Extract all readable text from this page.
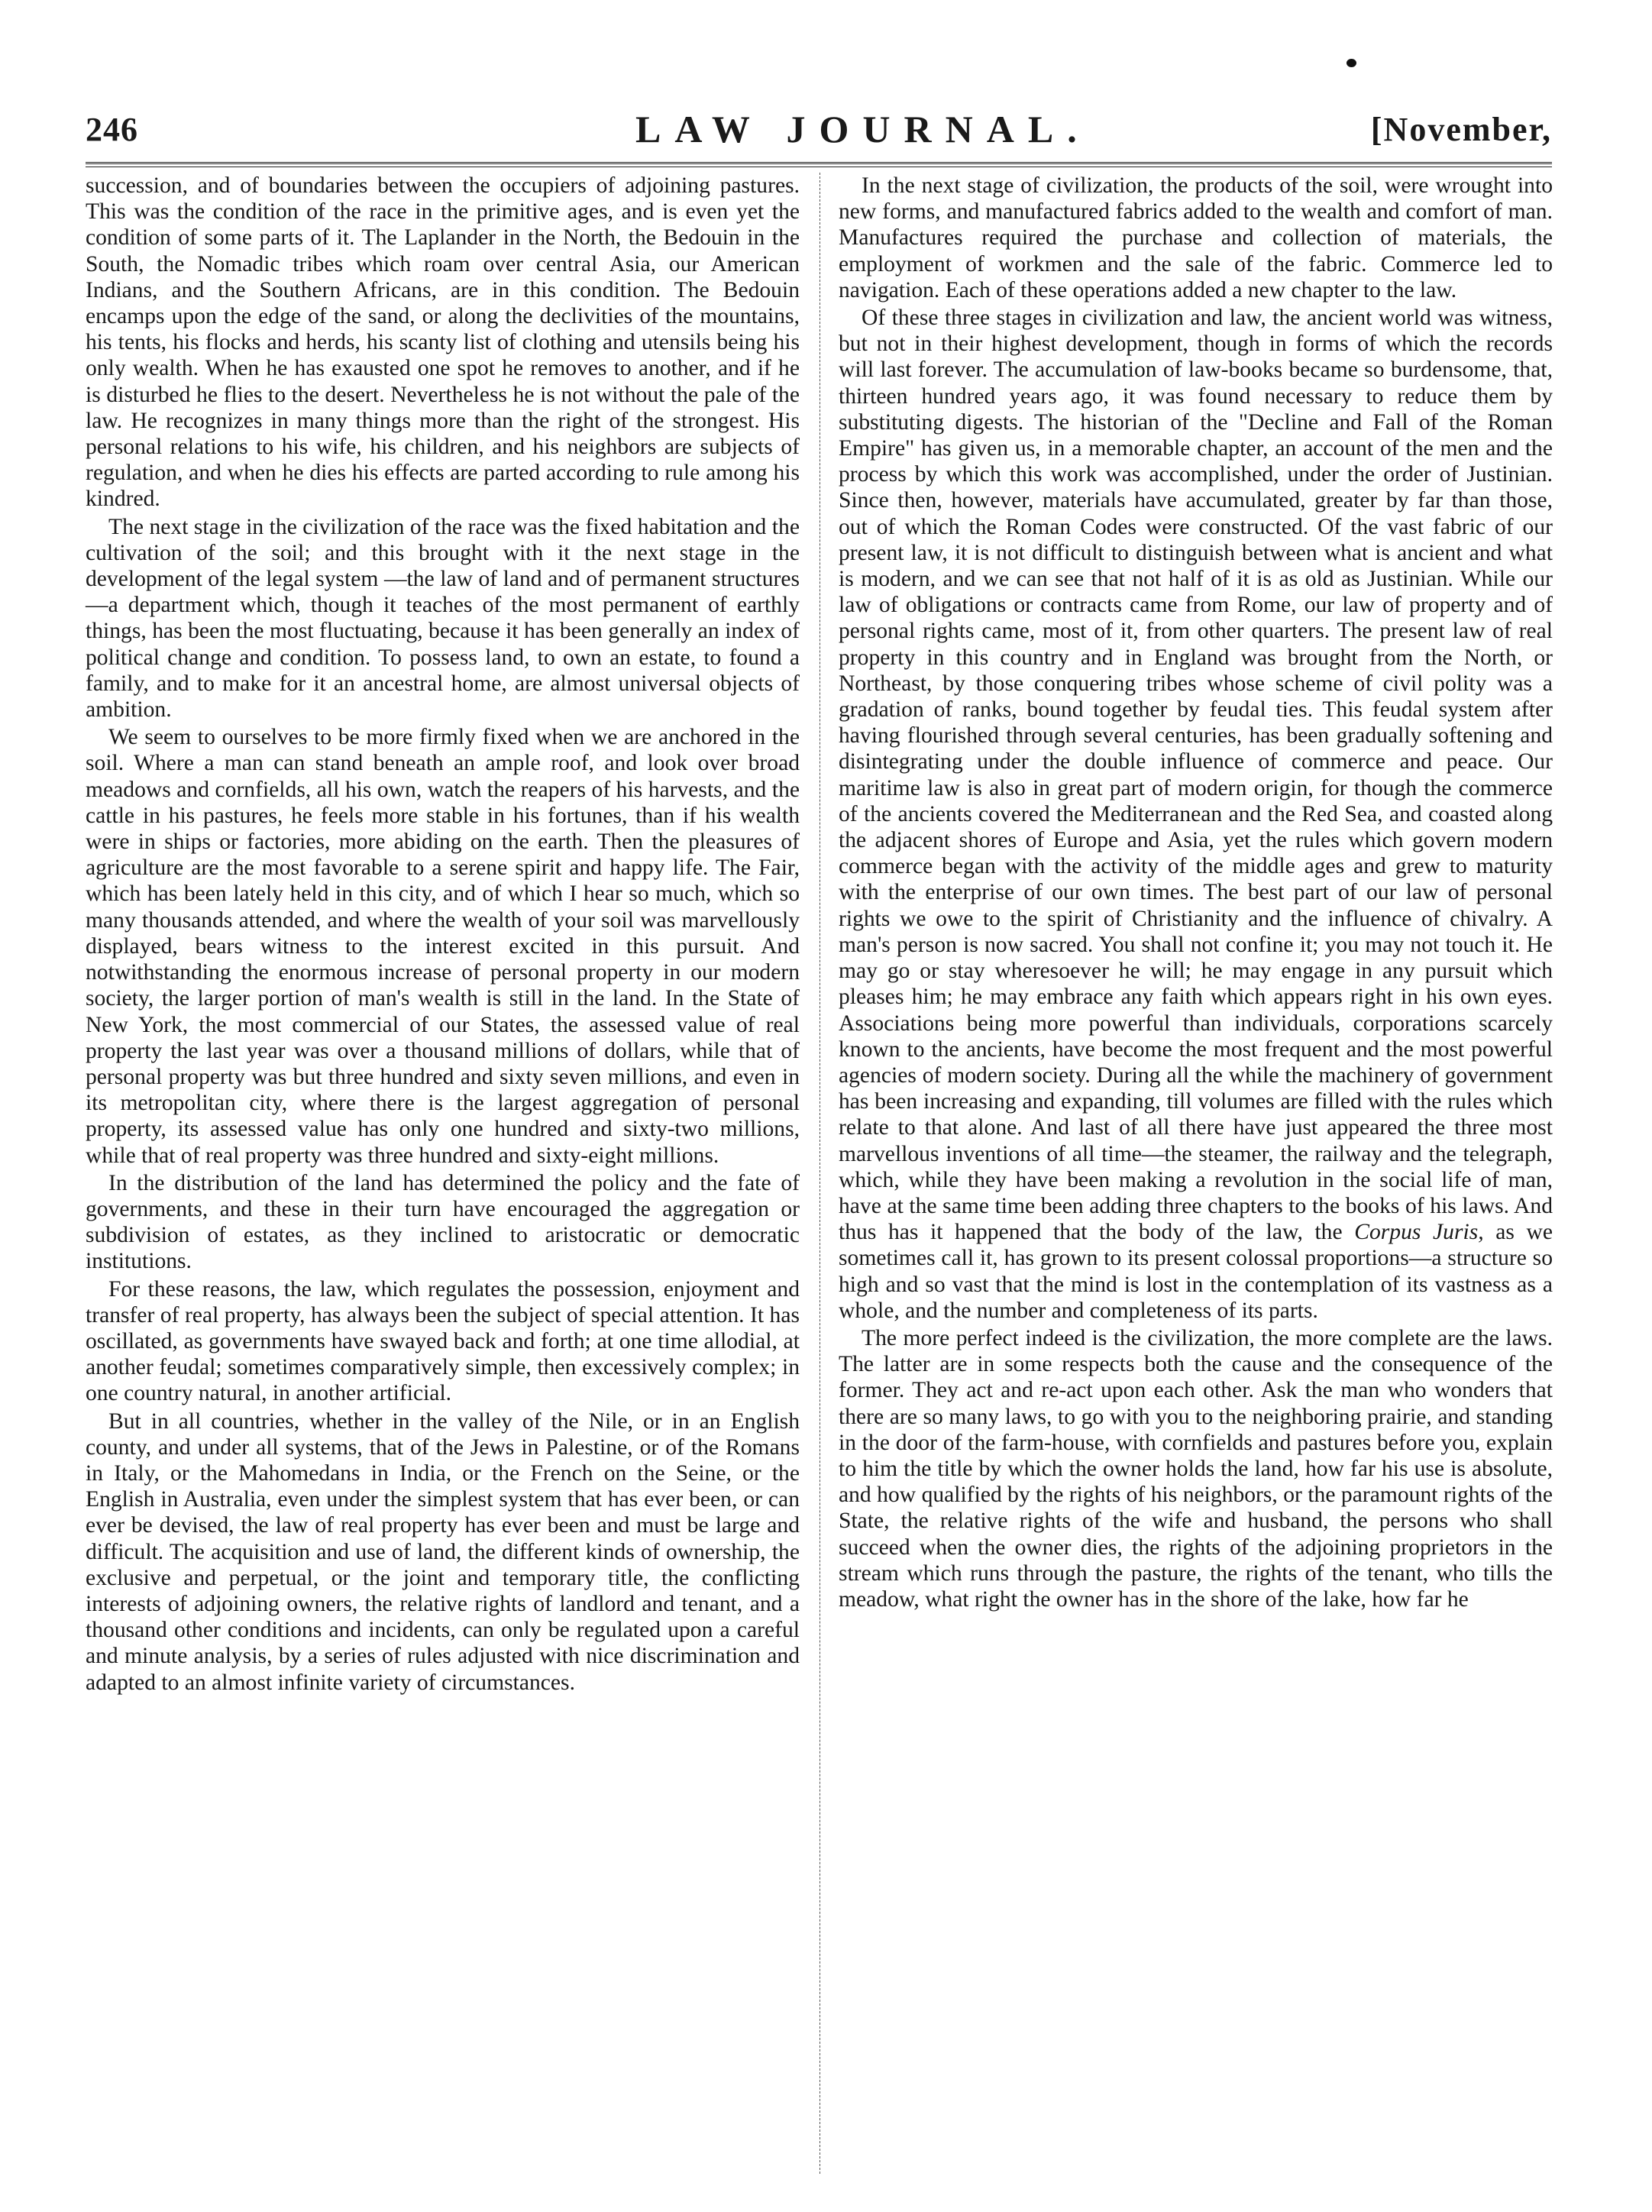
246	LAW JOURNAL.	[November,

succession, and of boundaries between the occupiers of adjoining pastures. This was the condition of the race in the primitive ages, and is even yet the condition of some parts of it. The Laplander in the North, the Bedouin in the South, the Nomadic tribes which roam over central Asia, our American Indians, and the Southern Africans, are in this condition. The Bedouin encamps upon the edge of the sand, or along the declivities of the mountains, his tents, his flocks and herds, his scanty list of clothing and utensils being his only wealth. When he has exausted one spot he removes to another, and if he is disturbed he flies to the desert. Nevertheless he is not without the pale of the law. He recognizes in many things more than the right of the strongest. His personal relations to his wife, his children, and his neighbors are subjects of regulation, and when he dies his effects are parted according to rule among his kindred.

The next stage in the civilization of the race was the fixed habitation and the cultivation of the soil; and this brought with it the next stage in the development of the legal system —the law of land and of permanent structures—a department which, though it teaches of the most permanent of earthly things, has been the most fluctuating, because it has been generally an index of political change and condition. To possess land, to own an estate, to found a family, and to make for it an ancestral home, are almost universal objects of ambition.

We seem to ourselves to be more firmly fixed when we are anchored in the soil. Where a man can stand beneath an ample roof, and look over broad meadows and cornfields, all his own, watch the reapers of his harvests, and the cattle in his pastures, he feels more stable in his fortunes, than if his wealth were in ships or factories, more abiding on the earth. Then the pleasures of agriculture are the most favorable to a serene spirit and happy life. The Fair, which has been lately held in this city, and of which I hear so much, which so many thousands attended, and where the wealth of your soil was marvellously displayed, bears witness to the interest excited in this pursuit. And notwithstanding the enormous increase of personal property in our modern society, the larger portion of man's wealth is still in the land. In the State of New York, the most commercial of our States, the assessed value of real property the last year was over a thousand millions of dollars, while that of personal property was but three hundred and sixty seven millions, and even in its metropolitan city, where there is the largest aggregation of personal property, its assessed value has only one hundred and sixty-two millions, while that of real property was three hundred and sixty-eight millions.

In the distribution of the land has determined the policy and the fate of governments, and these in their turn have encouraged the aggregation or subdivision of estates, as they inclined to aristocratic or democratic institutions.

For these reasons, the law, which regulates the possession, enjoyment and transfer of real property, has always been the subject of special attention. It has oscillated, as governments have swayed back and forth; at one time allodial, at another feudal; sometimes comparatively simple, then excessively complex; in one country natural, in another artificial.

But in all countries, whether in the valley of the Nile, or in an English county, and under all systems, that of the Jews in Palestine, or of the Romans in Italy, or the Mahomedans in India, or the French on the Seine, or the English in Australia, even under the simplest system that has ever been, or can ever be devised, the law of real property has ever been and must be large and difficult. The acquisition and use of land, the different kinds of ownership, the exclusive and perpetual, or the joint and temporary title, the conflicting interests of adjoining owners, the relative rights of landlord and tenant, and a thousand other conditions and incidents, can only be regulated upon a careful and minute analysis, by a series of rules adjusted with nice discrimination and adapted to an almost infinite variety of circumstances.

In the next stage of civilization, the products of the soil, were wrought into new forms, and manufactured fabrics added to the wealth and comfort of man. Manufactures required the purchase and collection of materials, the employment of workmen and the sale of the fabric. Commerce led to navigation. Each of these operations added a new chapter to the law.

Of these three stages in civilization and law, the ancient world was witness, but not in their highest development, though in forms of which the records will last forever. The accumulation of law-books became so burdensome, that, thirteen hundred years ago, it was found necessary to reduce them by substituting digests. The historian of the "Decline and Fall of the Roman Empire" has given us, in a memorable chapter, an account of the men and the process by which this work was accomplished, under the order of Justinian. Since then, however, materials have accumulated, greater by far than those, out of which the Roman Codes were constructed. Of the vast fabric of our present law, it is not difficult to distinguish between what is ancient and what is modern, and we can see that not half of it is as old as Justinian. While our law of obligations or contracts came from Rome, our law of property and of personal rights came, most of it, from other quarters. The present law of real property in this country and in England was brought from the North, or Northeast, by those conquering tribes whose scheme of civil polity was a gradation of ranks, bound together by feudal ties. This feudal system after having flourished through several centuries, has been gradually softening and disintegrating under the double influence of commerce and peace. Our maritime law is also in great part of modern origin, for though the commerce of the ancients covered the Mediterranean and the Red Sea, and coasted along the adjacent shores of Europe and Asia, yet the rules which govern modern commerce began with the activity of the middle ages and grew to maturity with the enterprise of our own times. The best part of our law of personal rights we owe to the spirit of Christianity and the influence of chivalry. A man's person is now sacred. You shall not confine it; you may not touch it. He may go or stay wheresoever he will; he may engage in any pursuit which pleases him; he may embrace any faith which appears right in his own eyes. Associations being more powerful than individuals, corporations scarcely known to the ancients, have become the most frequent and the most powerful agencies of modern society. During all the while the machinery of government has been increasing and expanding, till volumes are filled with the rules which relate to that alone. And last of all there have just appeared the three most marvellous inventions of all time—the steamer, the railway and the telegraph, which, while they have been making a revolution in the social life of man, have at the same time been adding three chapters to the books of his laws. And thus has it happened that the body of the law, the Corpus Juris, as we sometimes call it, has grown to its present colossal proportions—a structure so high and so vast that the mind is lost in the contemplation of its vastness as a whole, and the number and completeness of its parts.

The more perfect indeed is the civilization, the more complete are the laws. The latter are in some respects both the cause and the consequence of the former. They act and re-act upon each other. Ask the man who wonders that there are so many laws, to go with you to the neighboring prairie, and standing in the door of the farm-house, with cornfields and pastures before you, explain to him the title by which the owner holds the land, how far his use is absolute, and how qualified by the rights of his neighbors, or the paramount rights of the State, the relative rights of the wife and husband, the persons who shall succeed when the owner dies, the rights of the adjoining proprietors in the stream which runs through the pasture, the rights of the tenant, who tills the meadow, what right the owner has in the shore of the lake, how far he
